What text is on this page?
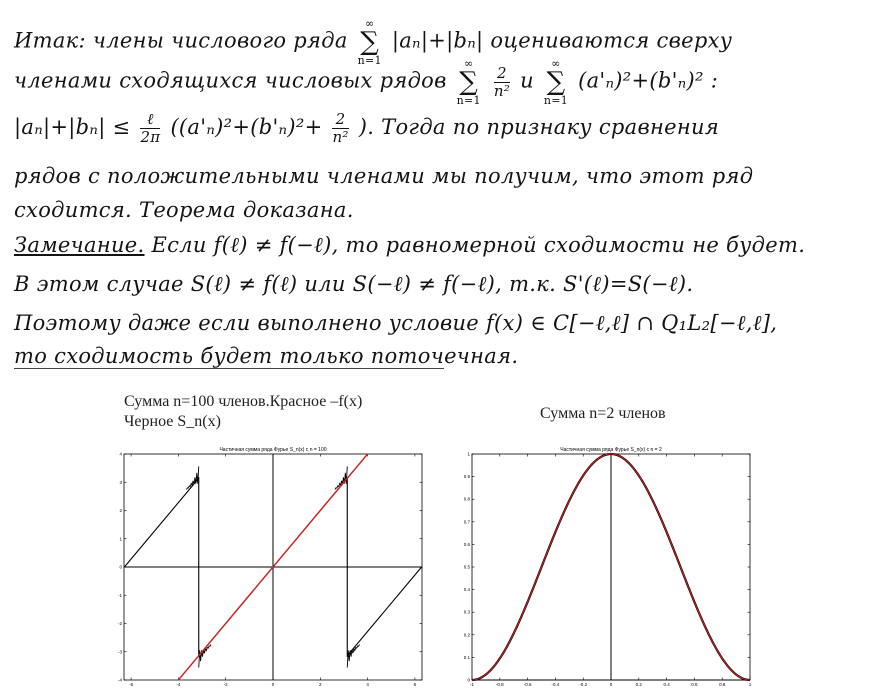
Итак: члены числового ряда
∞
∑
n=1
|aₙ|+|bₙ| оцениваются сверху
членами сходящихся числовых рядов
∞
∑
n=1

$\frac{2}{\text{n²}}$ и
∞
∑
n=1
(a'ₙ)²+(b'ₙ)² :
$|a_n|+|b_n| \le \frac{\text{ℓ}}{2\pi} ((a'_n)^2+(b'_n)^2+ \frac{2}{\text{n²}}$ ). Тогда по признаку сравнения
рядов с положительными членами мы получим, что этот ряд
сходится. Теорема доказана.
Замечание. Если f(ℓ) ≠ f(−ℓ), то равномерной сходимости не будет.
В этом случае S(ℓ) ≠ f(ℓ) или S(−ℓ) ≠ f(−ℓ), т.к. S'(ℓ)=S(−ℓ).
Поэтому даже если выполнено условие f(x) ∈ C[−ℓ,ℓ] ∩ Q₁L₂[−ℓ,ℓ],
то сходимость будет только поточечная.
Сумма n=100 членов.Красное –f(x)
Черное S_n(x)	Сумма n=2 членов
Частичная сумма ряда Фурье S_n(x) с n = 100
-6	-4	-2	0	2	4	6
-4
-3
-2
-1
0
1
2
3
4
Частичная сумма ряда Фурье S_n(x) с n = 2
-1	-0.8	-0.6	-0.4	-0.2	0	0.2	0.4	0.6	0.8	1
0
0.1
0.2
0.3
0.4
0.5
0.6
0.7
0.8
0.9
1
